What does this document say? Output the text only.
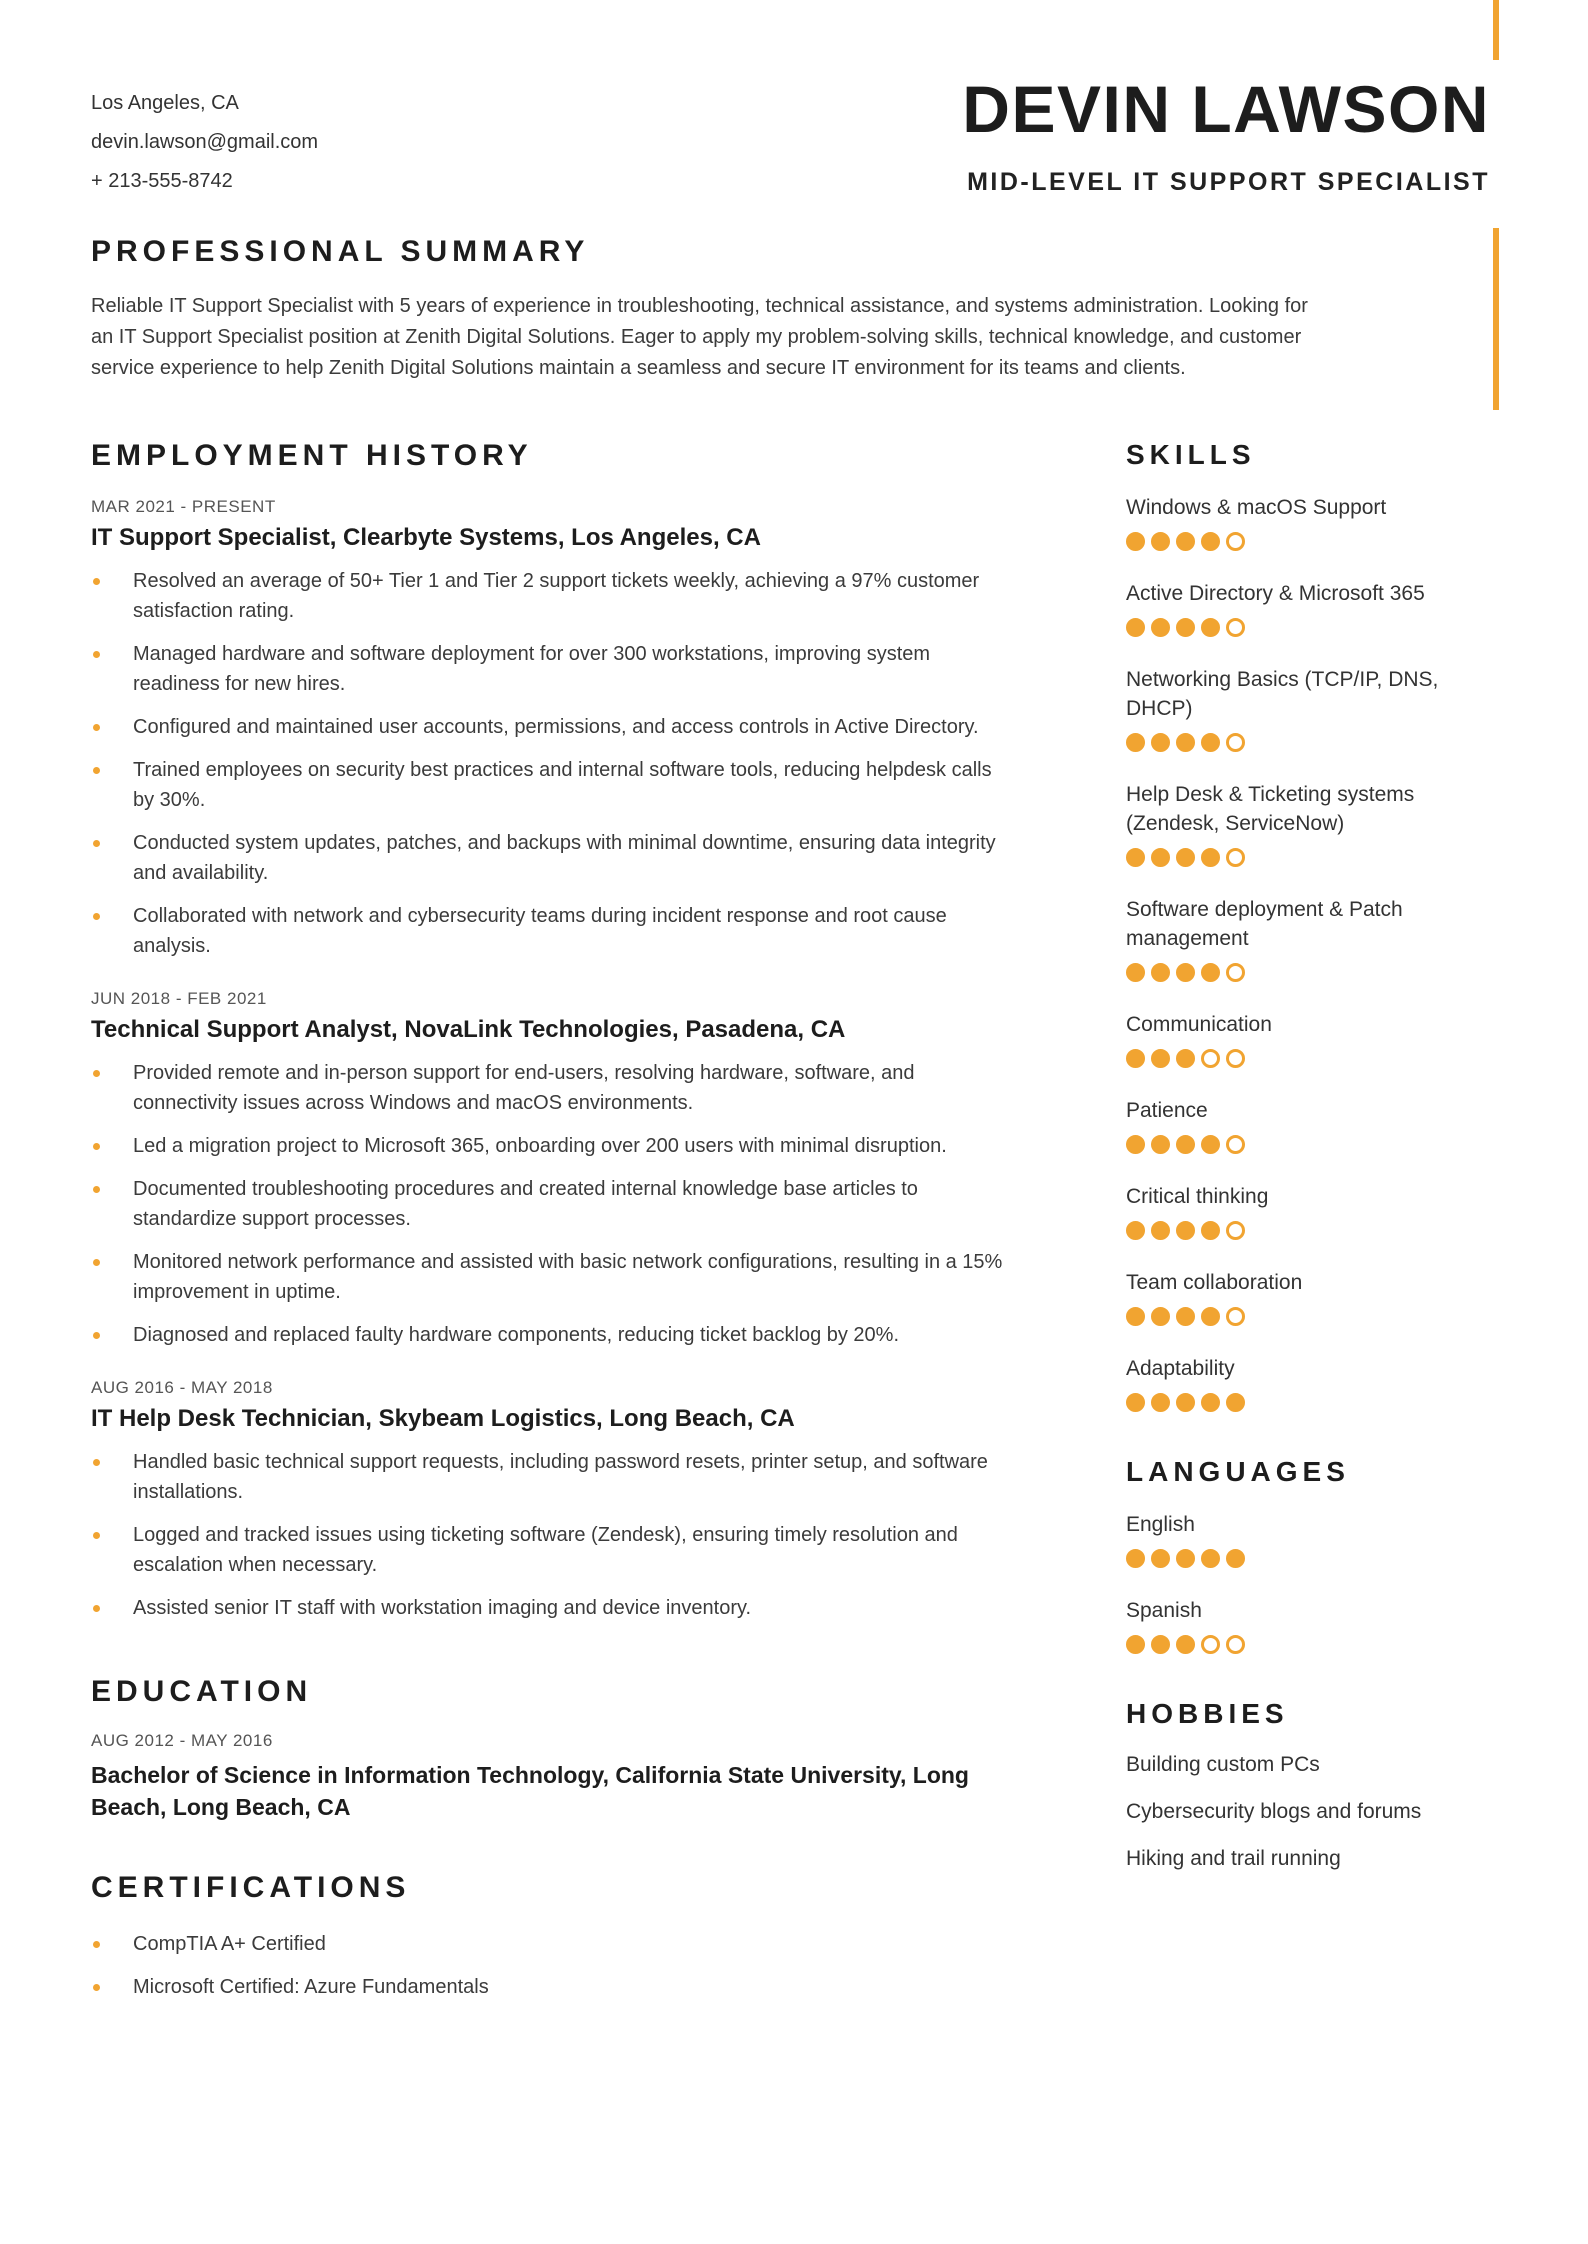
Los Angeles, CA
devin.lawson@gmail.com
+ 213-555-8742
DEVIN LAWSON
MID-LEVEL IT SUPPORT SPECIALIST
PROFESSIONAL SUMMARY
Reliable IT Support Specialist with 5 years of experience in troubleshooting, technical assistance, and systems administration. Looking for an IT Support Specialist position at Zenith Digital Solutions. Eager to apply my problem-solving skills, technical knowledge, and customer service experience to help Zenith Digital Solutions maintain a seamless and secure IT environment for its teams and clients.
EMPLOYMENT HISTORY
MAR 2021 - PRESENT
IT Support Specialist, Clearbyte Systems, Los Angeles, CA
Resolved an average of 50+ Tier 1 and Tier 2 support tickets weekly, achieving a 97% customer satisfaction rating.
Managed hardware and software deployment for over 300 workstations, improving system readiness for new hires.
Configured and maintained user accounts, permissions, and access controls in Active Directory.
Trained employees on security best practices and internal software tools, reducing helpdesk calls by 30%.
Conducted system updates, patches, and backups with minimal downtime, ensuring data integrity and availability.
Collaborated with network and cybersecurity teams during incident response and root cause analysis.
JUN 2018 - FEB 2021
Technical Support Analyst, NovaLink Technologies, Pasadena, CA
Provided remote and in-person support for end-users, resolving hardware, software, and connectivity issues across Windows and macOS environments.
Led a migration project to Microsoft 365, onboarding over 200 users with minimal disruption.
Documented troubleshooting procedures and created internal knowledge base articles to standardize support processes.
Monitored network performance and assisted with basic network configurations, resulting in a 15% improvement in uptime.
Diagnosed and replaced faulty hardware components, reducing ticket backlog by 20%.
AUG 2016 - MAY 2018
IT Help Desk Technician, Skybeam Logistics, Long Beach, CA
Handled basic technical support requests, including password resets, printer setup, and software installations.
Logged and tracked issues using ticketing software (Zendesk), ensuring timely resolution and escalation when necessary.
Assisted senior IT staff with workstation imaging and device inventory.
EDUCATION
AUG 2012 - MAY 2016
Bachelor of Science in Information Technology, California State University, Long Beach, Long Beach, CA
CERTIFICATIONS
CompTIA A+ Certified
Microsoft Certified: Azure Fundamentals
SKILLS
Windows & macOS Support
Active Directory & Microsoft 365
Networking Basics (TCP/IP, DNS, DHCP)
Help Desk & Ticketing systems (Zendesk, ServiceNow)
Software deployment & Patch management
Communication
Patience
Critical thinking
Team collaboration
Adaptability
LANGUAGES
English
Spanish
HOBBIES
Building custom PCs
Cybersecurity blogs and forums
Hiking and trail running
